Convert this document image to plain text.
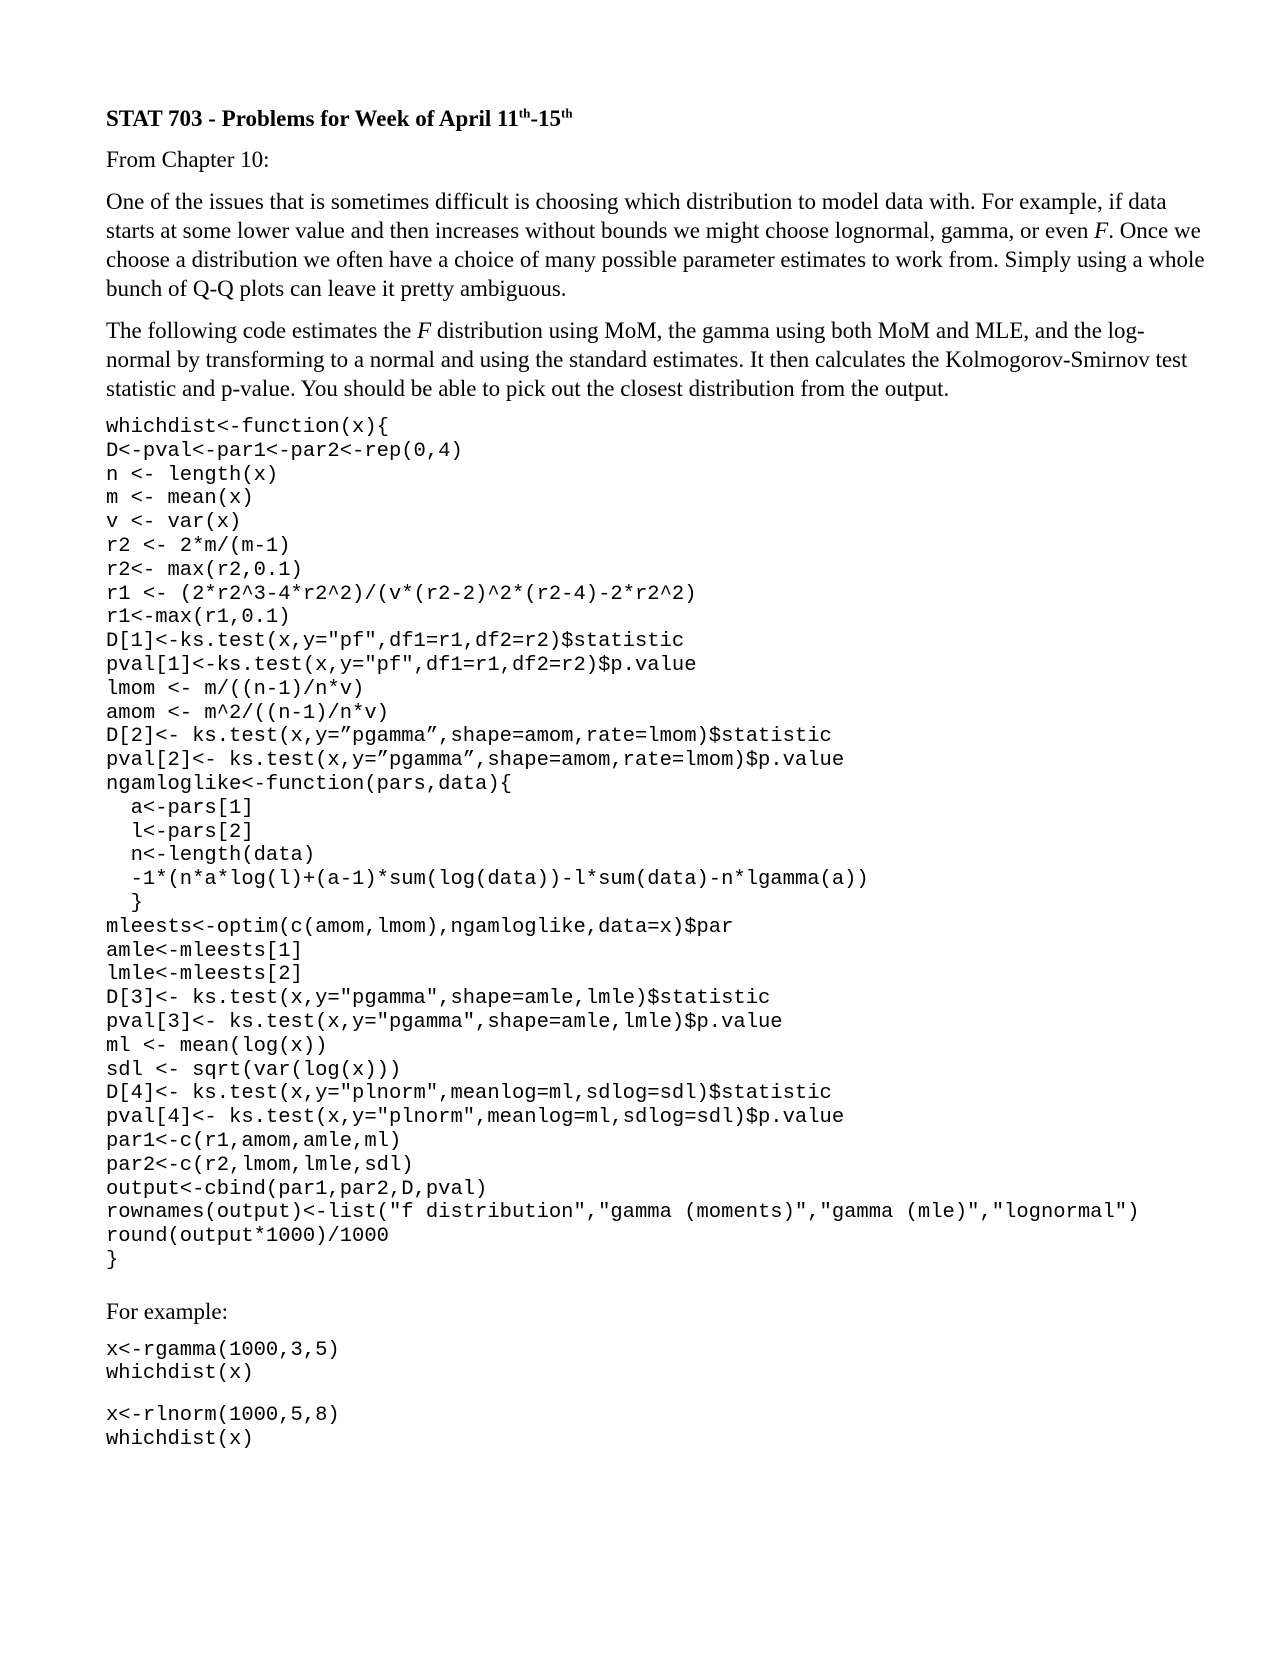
STAT 703 - Problems for Week of April 11th-15th

From Chapter 10:

One of the issues that is sometimes difficult is choosing which distribution to model data with. For example, if data starts at some lower value and then increases without bounds we might choose lognormal, gamma, or even F. Once we choose a distribution we often have a choice of many possible parameter estimates to work from. Simply using a whole bunch of Q-Q plots can leave it pretty ambiguous.

The following code estimates the F distribution using MoM, the gamma using both MoM and MLE, and the log-normal by transforming to a normal and using the standard estimates. It then calculates the Kolmogorov-Smirnov test statistic and p-value. You should be able to pick out the closest distribution from the output.

whichdist<-function(x){
D<-pval<-par1<-par2<-rep(0,4)
n <- length(x)
m <- mean(x)
v <- var(x)
r2 <- 2*m/(m-1)
r2<- max(r2,0.1)
r1 <- (2*r2^3-4*r2^2)/(v*(r2-2)^2*(r2-4)-2*r2^2)
r1<-max(r1,0.1)
D[1]<-ks.test(x,y="pf",df1=r1,df2=r2)$statistic
pval[1]<-ks.test(x,y="pf",df1=r1,df2=r2)$p.value
lmom <- m/((n-1)/n*v)
amom <- m^2/((n-1)/n*v)
D[2]<- ks.test(x,y=”pgamma”,shape=amom,rate=lmom)$statistic
pval[2]<- ks.test(x,y=”pgamma”,shape=amom,rate=lmom)$p.value
ngamloglike<-function(pars,data){
a<-pars[1]
l<-pars[2]
n<-length(data)
-1*(n*a*log(l)+(a-1)*sum(log(data))-l*sum(data)-n*lgamma(a))
}
mleests<-optim(c(amom,lmom),ngamloglike,data=x)$par
amle<-mleests[1]
lmle<-mleests[2]
D[3]<- ks.test(x,y="pgamma",shape=amle,lmle)$statistic
pval[3]<- ks.test(x,y="pgamma",shape=amle,lmle)$p.value
ml <- mean(log(x))
sdl <- sqrt(var(log(x)))
D[4]<- ks.test(x,y="plnorm",meanlog=ml,sdlog=sdl)$statistic
pval[4]<- ks.test(x,y="plnorm",meanlog=ml,sdlog=sdl)$p.value
par1<-c(r1,amom,amle,ml)
par2<-c(r2,lmom,lmle,sdl)
output<-cbind(par1,par2,D,pval)
rownames(output)<-list("f distribution","gamma (moments)","gamma (mle)","lognormal")
round(output*1000)/1000
}

For example:

x<-rgamma(1000,3,5)
whichdist(x)
x<-rlnorm(1000,5,8)
whichdist(x)
